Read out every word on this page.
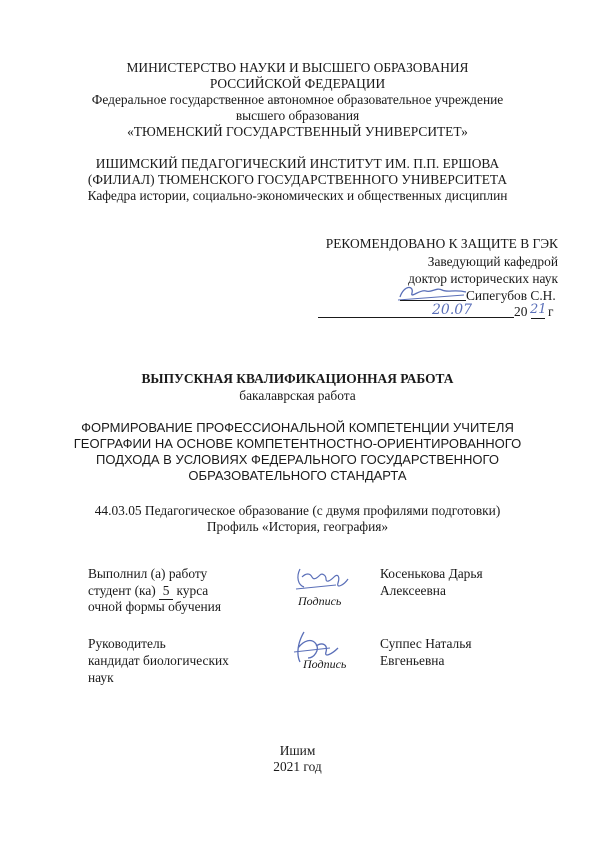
МИНИСТЕРСТВО НАУКИ И ВЫСШЕГО ОБРАЗОВАНИЯ
РОССИЙСКОЙ ФЕДЕРАЦИИ
Федеральное государственное автономное образовательное учреждение
высшего образования
«ТЮМЕНСКИЙ ГОСУДАРСТВЕННЫЙ УНИВЕРСИТЕТ»
ИШИМСКИЙ ПЕДАГОГИЧЕСКИЙ ИНСТИТУТ ИМ. П.П. ЕРШОВА
(ФИЛИАЛ) ТЮМЕНСКОГО ГОСУДАРСТВЕННОГО УНИВЕРСИТЕТА
Кафедра истории, социально-экономических и общественных дисциплин
РЕКОМЕНДОВАНО К ЗАЩИТЕ В ГЭК
Заведующий кафедрой
доктор исторических наук
Сипегубов С.Н.
20.07	20 21 г
ВЫПУСКНАЯ КВАЛИФИКАЦИОННАЯ РАБОТА
бакалаврская работа
ФОРМИРОВАНИЕ ПРОФЕССИОНАЛЬНОЙ КОМПЕТЕНЦИИ УЧИТЕЛЯ
ГЕОГРАФИИ НА ОСНОВЕ КОМПЕТЕНТНОСТНО-ОРИЕНТИРОВАННОГО
ПОДХОДА В УСЛОВИЯХ ФЕДЕРАЛЬНОГО ГОСУДАРСТВЕННОГО
ОБРАЗОВАТЕЛЬНОГО СТАНДАРТА
44.03.05 Педагогическое образование (с двумя профилями подготовки)
Профиль «История, география»
Выполнил (а) работу
студент (ка) 5 курса
очной формы обучения	Подпись
Косенькова Дарья
Алексеевна
Руководитель
кандидат биологических
наук
Подпись
Суппес Наталья
Евгеньевна
Ишим
2021 год
